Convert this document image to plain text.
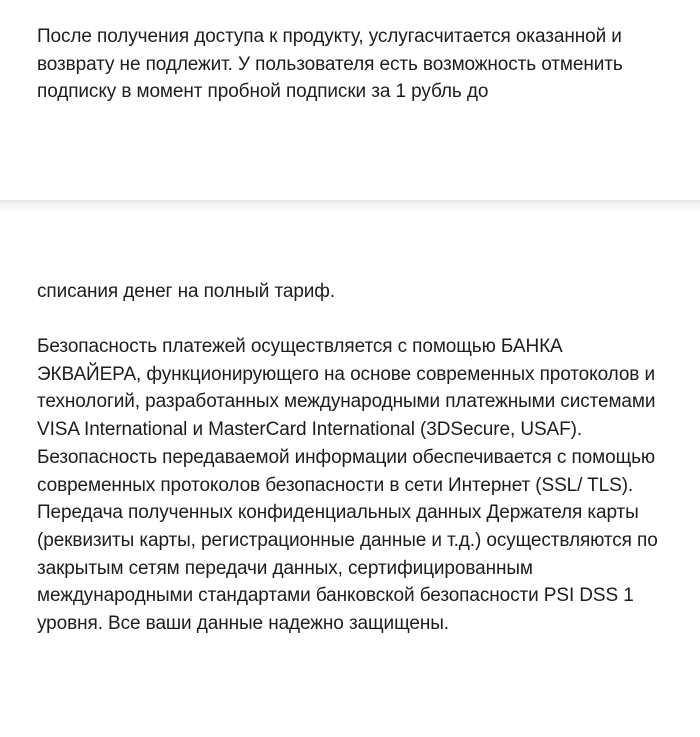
После получения доступа к продукту, услугасчитается оказанной и возврату не подлежит. У пользователя есть возможность отменить подписку в момент пробной подписки за 1 рубль до

списания денег на полный тариф.

Безопасность платежей осуществляется с помощью БАНКА ЭКВАЙЕРА, функционирующего на основе современных протоколов и технологий, разработанных международными платежными системами VISA International и MasterCard International (3DSecure, USAF). Безопасность передаваемой информации обеспечивается с помощью современных протоколов безопасности в сети Интернет (SSL/ TLS). Передача полученных конфиденциальных данных Держателя карты (реквизиты карты, регистрационные данные и т.д.) осуществляются по закрытым сетям передачи данных, сертифицированным международными стандартами банковской безопасности PSI DSS 1 уровня. Все ваши данные надежно защищены.
